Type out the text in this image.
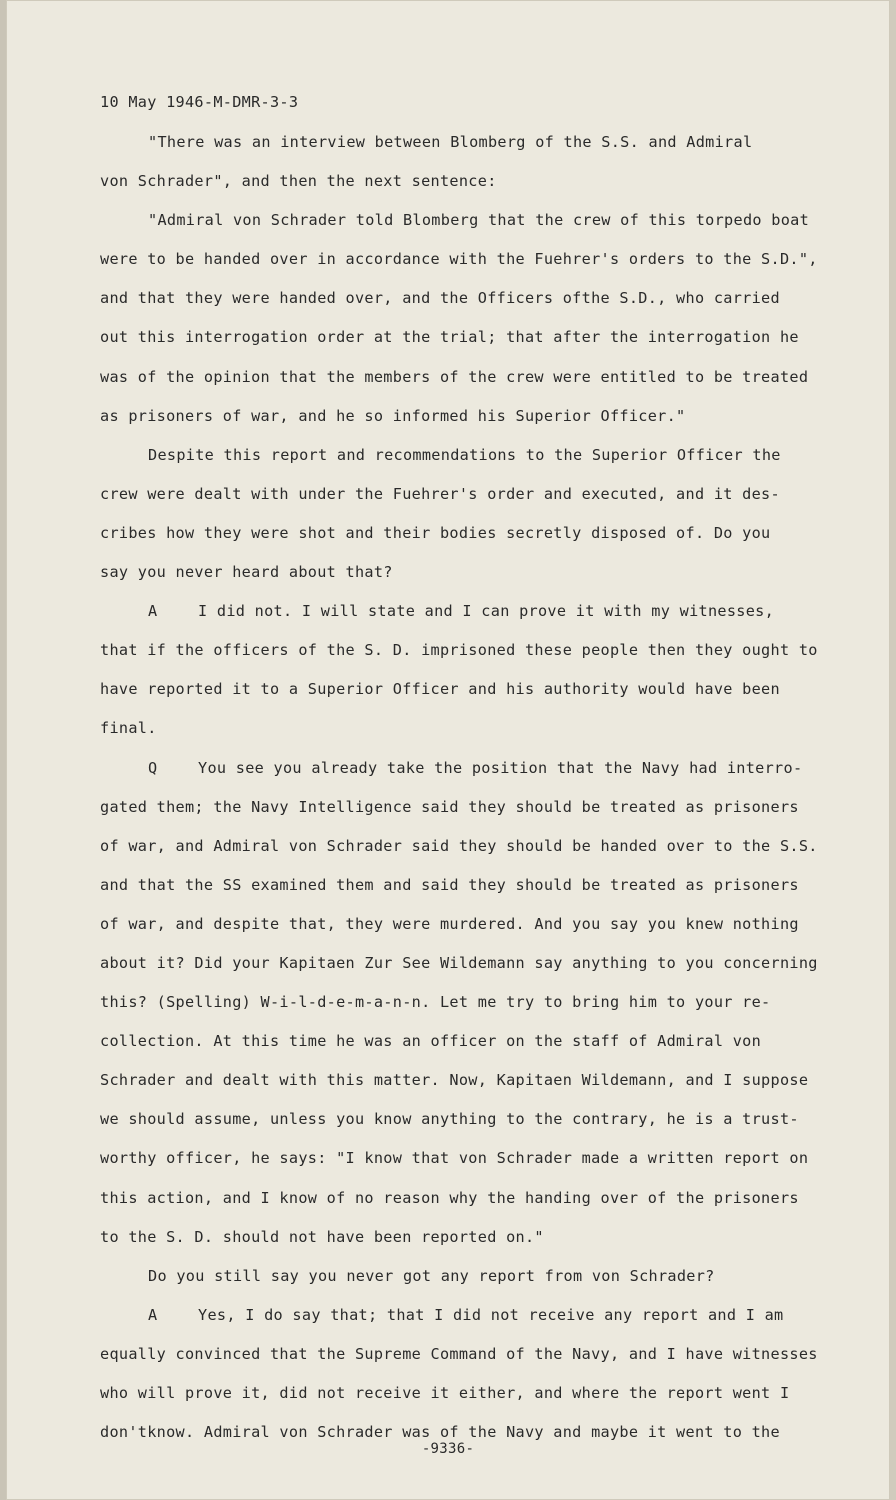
10 May 1946-M-DMR-3-3
"There was an interview between Blomberg of the S.S. and Admiral
von Schrader", and then the next sentence:
"Admiral von Schrader told Blomberg that the crew of this torpedo boat
were to be handed over in accordance with the Fuehrer's orders to the S.D.",
and that they were handed over, and the Officers ofthe S.D., who carried
out this interrogation order at the trial; that after the interrogation he
was of the opinion that the members of the crew were entitled to be treated
as prisoners of war, and he so informed his Superior Officer."
Despite this report and recommendations to the Superior Officer the
crew were dealt with under the Fuehrer's order and executed, and it des-
cribes how they were shot and their bodies secretly disposed of. Do you
say you never heard about that?
A	I did not. I will state and I can prove it with my witnesses,
that if the officers of the S. D. imprisoned these people then they ought to
have reported it to a Superior Officer and his authority would have been
final.
Q	You see you already take the position that the Navy had interro-
gated them; the Navy Intelligence said they should be treated as prisoners
of war, and Admiral von Schrader said they should be handed over to the S.S.
and that the SS examined them and said they should be treated as prisoners
of war, and despite that, they were murdered. And you say you knew nothing
about it? Did your Kapitaen Zur See Wildemann say anything to you concerning
this? (Spelling) W-i-l-d-e-m-a-n-n. Let me try to bring him to your re-
collection. At this time he was an officer on the staff of Admiral von
Schrader and dealt with this matter. Now, Kapitaen Wildemann, and I suppose
we should assume, unless you know anything to the contrary, he is a trust-
worthy officer, he says: "I know that von Schrader made a written report on
this action, and I know of no reason why the handing over of the prisoners
to the S. D. should not have been reported on."
Do you still say you never got any report from von Schrader?
A	Yes, I do say that; that I did not receive any report and I am
equally convinced that the Supreme Command of the Navy, and I have witnesses
who will prove it, did not receive it either, and where the report went I
don'tknow. Admiral von Schrader was of the Navy and maybe it went to the
-9336-
